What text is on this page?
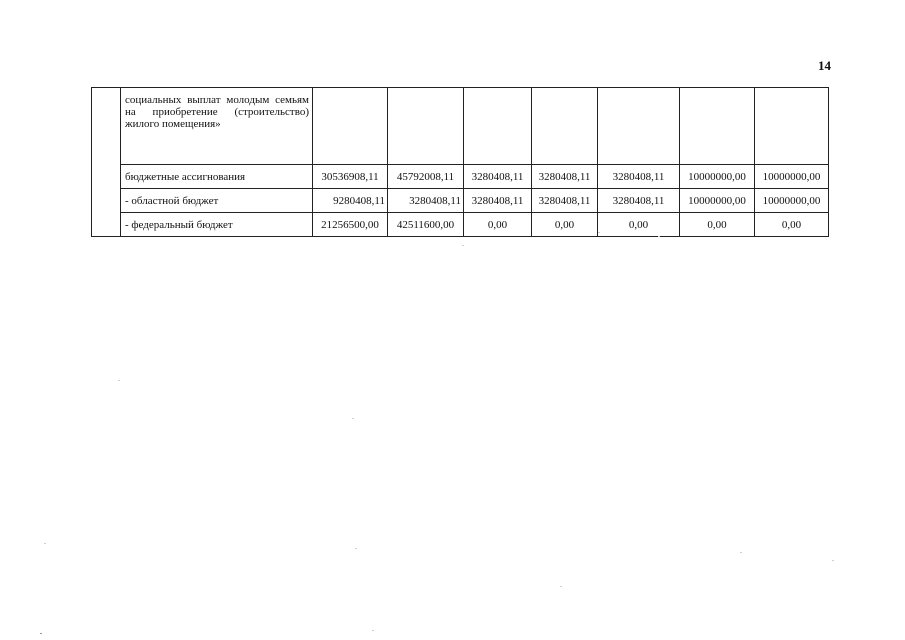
14
	социальных выплат молодым семьям на приобретение (строительство) жилого помещения»							
	бюджетные ассигнования	30536908,11	45792008,11	3280408,11	3280408,11	3280408,11	10000000,00	10000000,00
	- областной бюджет	9280408,11	3280408,11	3280408,11	3280408,11	3280408,11	10000000,00	10000000,00
	- федеральный бюджет	21256500,00	42511600,00	0,00	0,00	0,00	0,00	0,00
